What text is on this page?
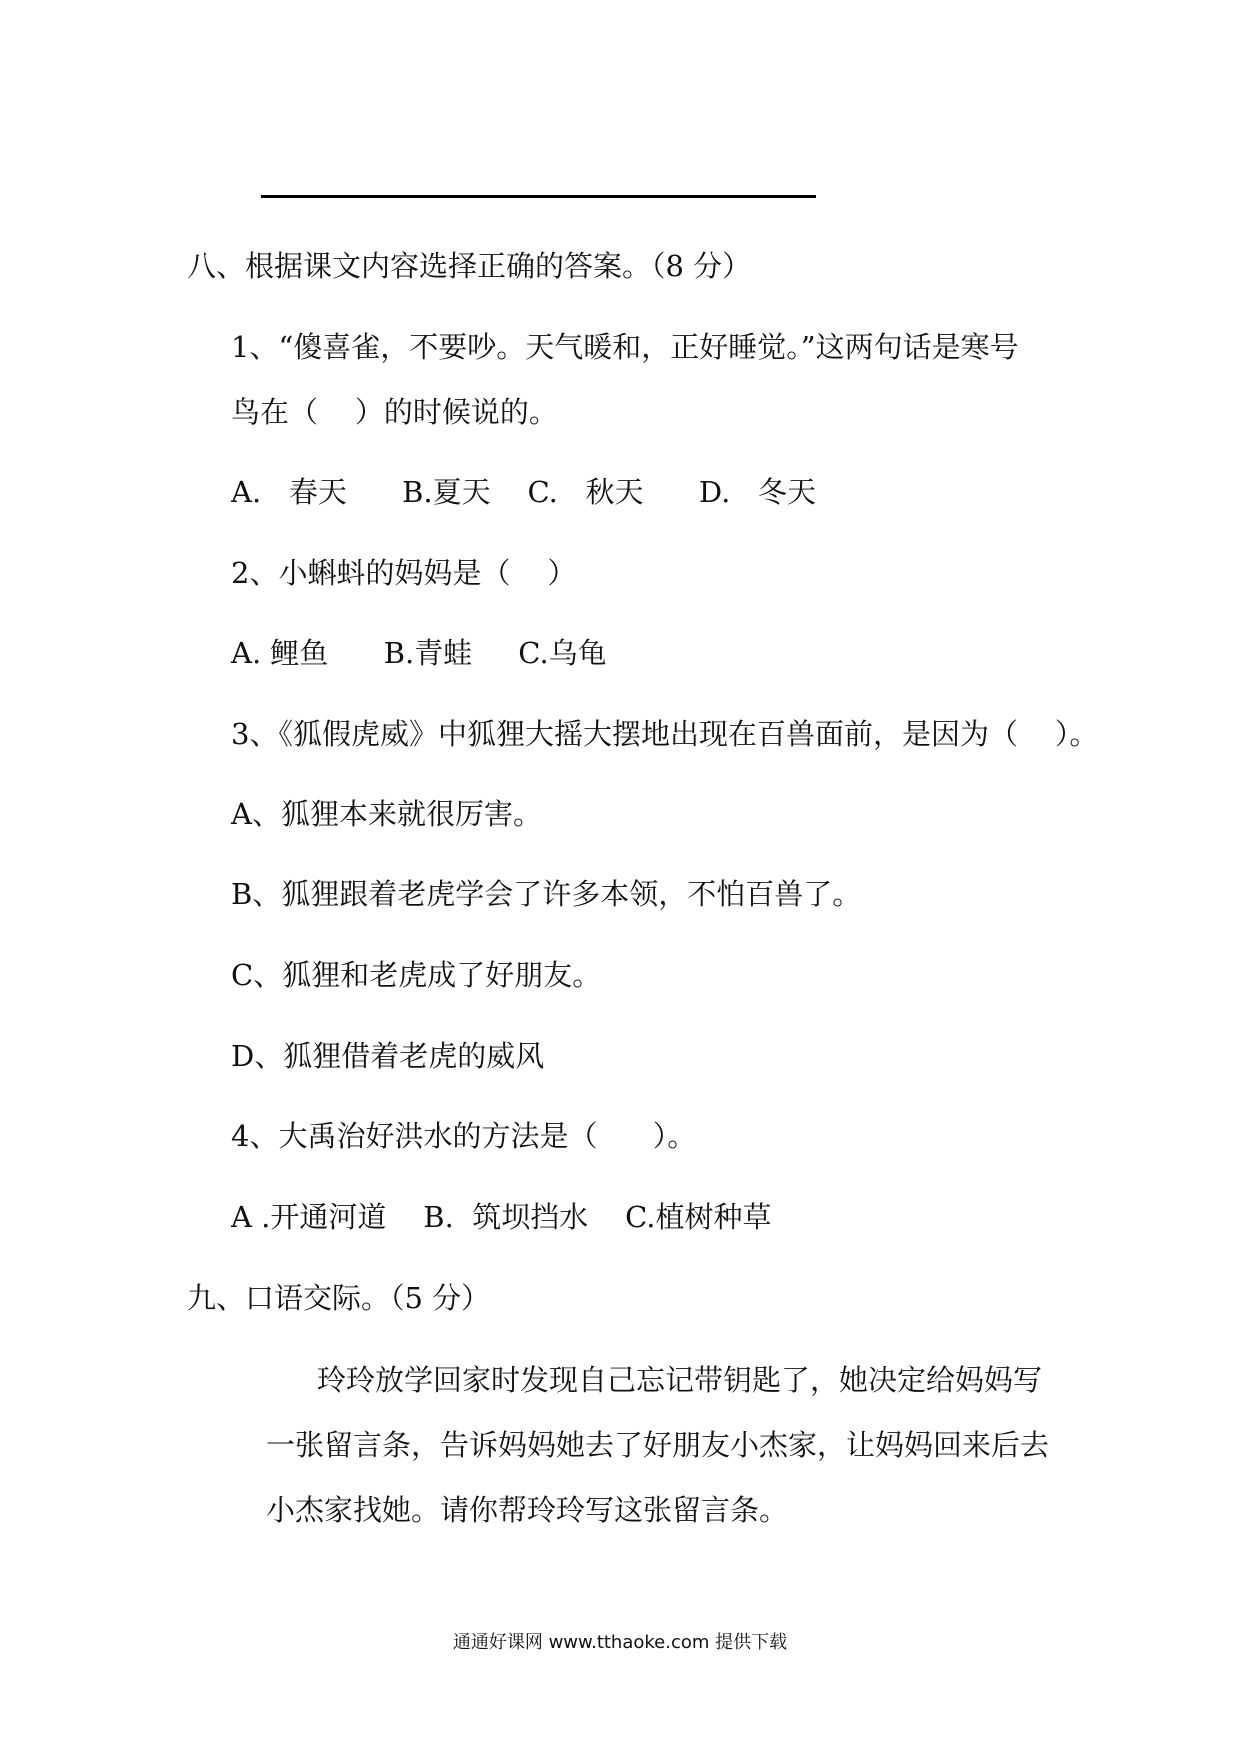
八、根据课文内容选择正确的答案。（8 分）
1、“傻喜雀，不要吵。天气暖和，正好睡觉。”这两句话是寒号
鸟在（    ）的时候说的。
A.   春天      B.夏天    C.   秋天      D.   冬天
2、小蝌蚪的妈妈是（    ）
A. 鲤鱼      B.青蛙     C.乌龟
3、《狐假虎威》中狐狸大摇大摆地出现在百兽面前，是因为（    ）。
A、狐狸本来就很厉害。
B、狐狸跟着老虎学会了许多本领，不怕百兽了。
C、狐狸和老虎成了好朋友。
D、狐狸借着老虎的威风
4、大禹治好洪水的方法是（      ）。
A .开通河道    B.  筑坝挡水    C.植树种草
九、口语交际。（5 分）
玲玲放学回家时发现自己忘记带钥匙了，她决定给妈妈写
一张留言条，告诉妈妈她去了好朋友小杰家，让妈妈回来后去
小杰家找她。请你帮玲玲写这张留言条。
通通好课网 www.tthaoke.com 提供下载
